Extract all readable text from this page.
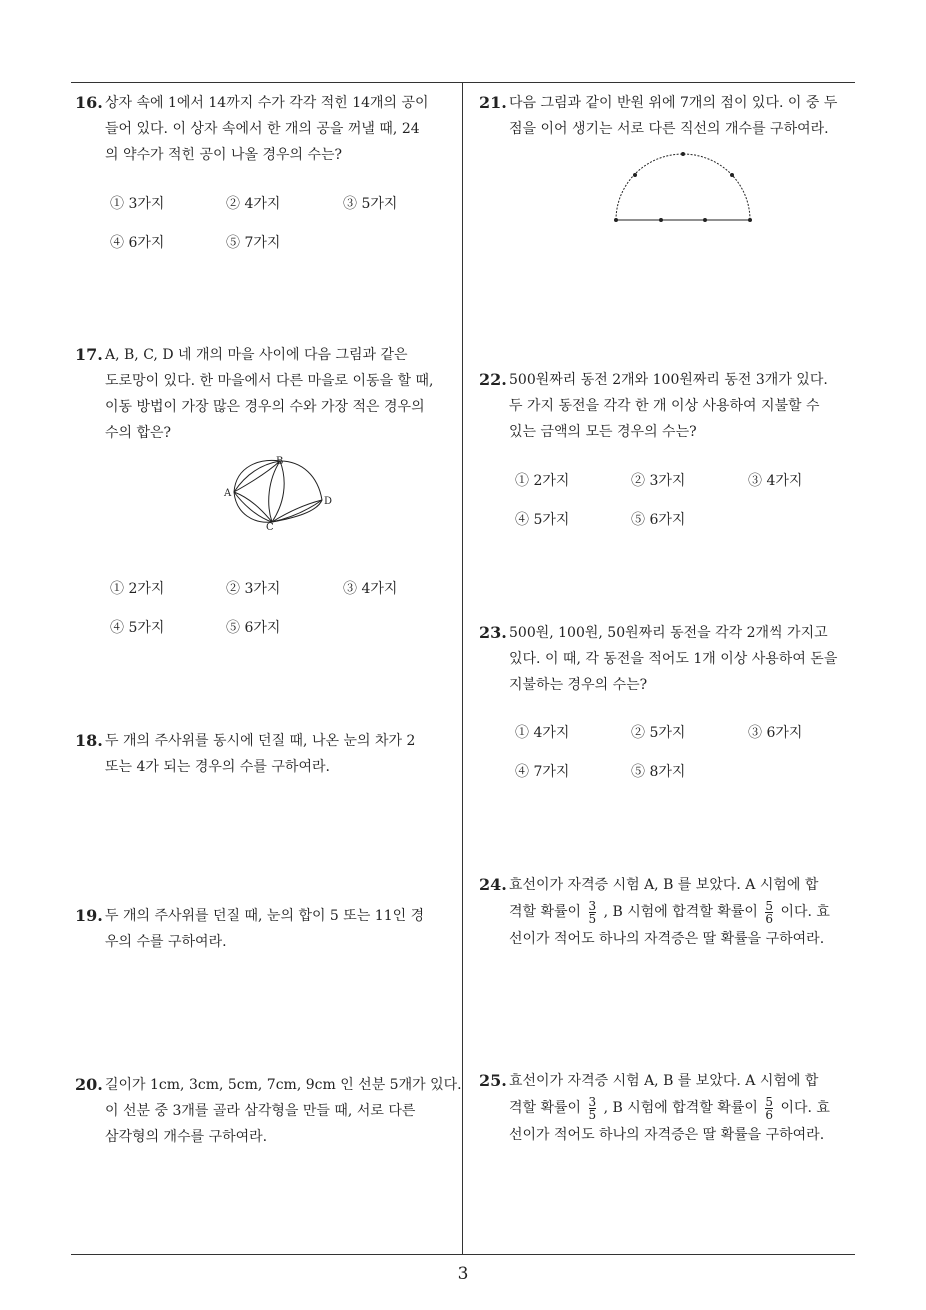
16. 상자 속에 1에서 14까지 수가 각각 적힌 14개의 공이
들어 있다. 이 상자 속에서 한 개의 공을 꺼낼 때, 24
의 약수가 적힌 공이 나올 경우의 수는?
① 3가지	② 4가지	③ 5가지
④ 6가지	⑤ 7가지
17. A, B, C, D 네 개의 마을 사이에 다음 그림과 같은
도로망이 있다. 한 마을에서 다른 마을로 이동을 할 때,
이동 방법이 가장 많은 경우의 수와 가장 적은 경우의
수의 합은?
A
B
C
D
① 2가지	② 3가지	③ 4가지
④ 5가지	⑤ 6가지
18. 두 개의 주사위를 동시에 던질 때, 나온 눈의 차가 2
또는 4가 되는 경우의 수를 구하여라.
19. 두 개의 주사위를 던질 때, 눈의 합이 5 또는 11인 경
우의 수를 구하여라.
20. 길이가 1cm, 3cm, 5cm, 7cm, 9cm 인 선분 5개가 있다.
이 선분 중 3개를 골라 삼각형을 만들 때, 서로 다른
삼각형의 개수를 구하여라.
21. 다음 그림과 같이 반원 위에 7개의 점이 있다. 이 중 두
점을 이어 생기는 서로 다른 직선의 개수를 구하여라.
22. 500원짜리 동전 2개와 100원짜리 동전 3개가 있다.
두 가지 동전을 각각 한 개 이상 사용하여 지불할 수
있는 금액의 모든 경우의 수는?
① 2가지	② 3가지	③ 4가지
④ 5가지	⑤ 6가지
23. 500원, 100원, 50원짜리 동전을 각각 2개씩 가지고
있다. 이 때, 각 동전을 적어도 1개 이상 사용하여 돈을
지불하는 경우의 수는?
① 4가지	② 5가지	③ 6가지
④ 7가지	⑤ 8가지
24. 효선이가 자격증 시험 A, B 를 보았다. A 시험에 합
격할 확률이 $\frac{3}{5}$ , B 시험에 합격할 확률이 $\frac{5}{6}$ 이다. 효
선이가 적어도 하나의 자격증은 딸 확률을 구하여라.
25. 효선이가 자격증 시험 A, B 를 보았다. A 시험에 합
격할 확률이 $\frac{3}{5}$ , B 시험에 합격할 확률이 $\frac{5}{6}$ 이다. 효
선이가 적어도 하나의 자격증은 딸 확률을 구하여라.
3
